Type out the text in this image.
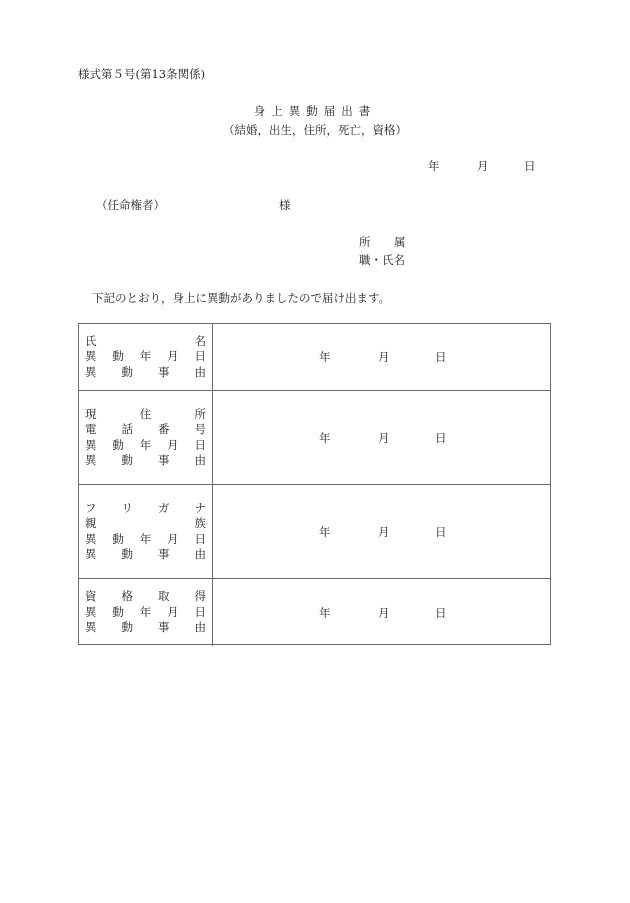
様式第５号(第13条関係)
身上異動届出書
（結婚，出生，住所，死亡，資格）
年	月	日
（任命権者）	様
所 属
職・氏名
下記のとおり，身上に異動がありましたので届け出ます。
氏	名
異 動 年 月 日
異 動 事 由
年	月	日
現	住	所
電 話 番 号
異 動 年 月 日
異 動 事 由
年	月	日
フ リ ガ ナ
親	族
異 動 年 月 日
異 動 事 由
年	月	日
資 格 取 得
異 動 年 月 日
異 動 事 由
年	月	日
